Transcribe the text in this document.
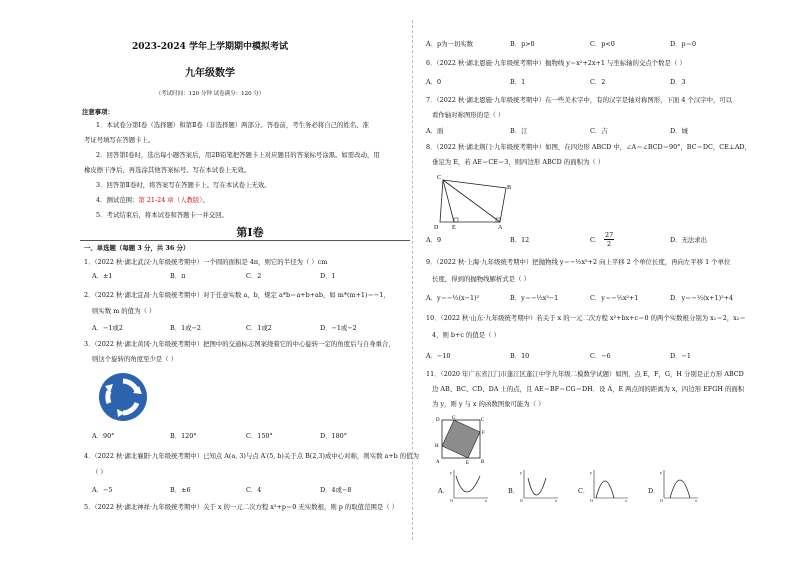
2023-2024 学年上学期期中模拟考试
九年级数学
（考试时间：120 分钟 试卷满分：120 分）
注意事项：
1．本试卷分第Ⅰ卷（选择题）和第Ⅱ卷（非选择题）两部分。答卷前，考生务必将自己的姓名、准
考证号填写在答题卡上。
2．回答第Ⅰ卷时，选出每小题答案后，用2B铅笔把答题卡上对应题目的答案标号涂黑。如需改动，用
橡皮擦干净后，再选涂其他答案标号。写在本试卷上无效。
3．回答第Ⅱ卷时，将答案写在答题卡上。写在本试卷上无效。
4．测试范围：第 21-24 章（人教版）。
5．考试结束后，将本试卷和答题卡一并交回。
第Ⅰ卷
一、单选题（每题 3 分，共 36 分）
1．（2022 秋·湖北武汉·九年级统考期中）一个圆的面积是 4π，则它的半径为（ ）cm
A．±1	B．π	C．2	D．1
2．（2022 秋·湖北宜昌·九年级统考期中）对于任意实数 a，b，规定 a*b＝a+b+ab，如 m*(m+1)＝−1，
则实数 m 的值为（ ）
A．−1或2	B．1或−2	C．1或2	D．−1或−2
3．（2022 秋·湖北黄冈·九年级统考期中）把图中的交通标志图案绕着它的中心旋转一定的角度后与自身重合，
则这个旋转的角度至少是（ ）
A．90°	B．120°	C．150°	D．180°
4．（2022 秋·湖北襄阳·九年级统考期中）已知点 A(a, 3)与点 A′(5, b)关于点 B(2,3)成中心对称，则实数 a+b 的值为
（ ）
A．−5	B．±6	C．4	D．4或−8
5．（2022 秋·湖北神祥·九年级统考期中）关于 x 的一元二次方程 x²+p＝0 无实数根，则 p 的取值范围是（ ）
A．p为一切实数	B．p>0	C．p<0	D．p＝0
6．（2022 秋·湖北恩施·九年级统考期中）抛物线 y＝x²+2x+1 与坐标轴的交点个数是（ ）
A．0	B．1	C．2	D．3
7．（2022 秋·湖北恩施·九年级统考期中）在一些美术字中，有的汉字是轴对称图形，下面 4 个汉字中，可以
看作轴对称图形的是（ ）
A．面	B．江	C．吉	D．城
8．（2022 秋·湖北荆门·九年级统考期中）如图，在四边形 ABCD 中，∠A＝∠BCD＝90°，BC＝DC，CE⊥AD，
垂足为 E，若 AE＝CE＝3，则四边形 ABCD 的面积为（ ）
C
B
D E	A
A．9	B．12	C． $\frac{27}{2}$	D．无法求出
9．（2022 秋·上海·九年级统考期中）把抛物线 y＝−½x²+2 向上平移 2 个单位长度，再向左平移 1 个单位
长度，得到的抛物线解析式是（ ）
A．y＝−½(x−1)²	B．y＝−½x²−1	C．y＝−½x²+1	D．y＝−½(x+1)²+4
10．（2022 秋·山东·九年级统考期中）若关于 x 的一元二次方程 x²+bx+c＝0 的两个实数根分别为 x₁＝2，x₂＝
4，则 b+c 的值是（ ）
A．−10	B．10	C．−6	D．−1
11．（2020 年广东省江门市蓬江区蓬江中学九年级二模数学试题）如图，点 E，F，G，H 分别是正方形 ABCD
边 AB、BC、CD、DA 上的点，且 AE＝BF＝CG＝DH．设 A，E 两点间的距离为 x，四边形 EFGH 的面积
为 y，则 y 与 x 的函数图象可能为（ ）
D G	C
H
F
A	E B
A．
y
x
O
B．
y
x
O
C．
y
x
O
D．
y
x
O
